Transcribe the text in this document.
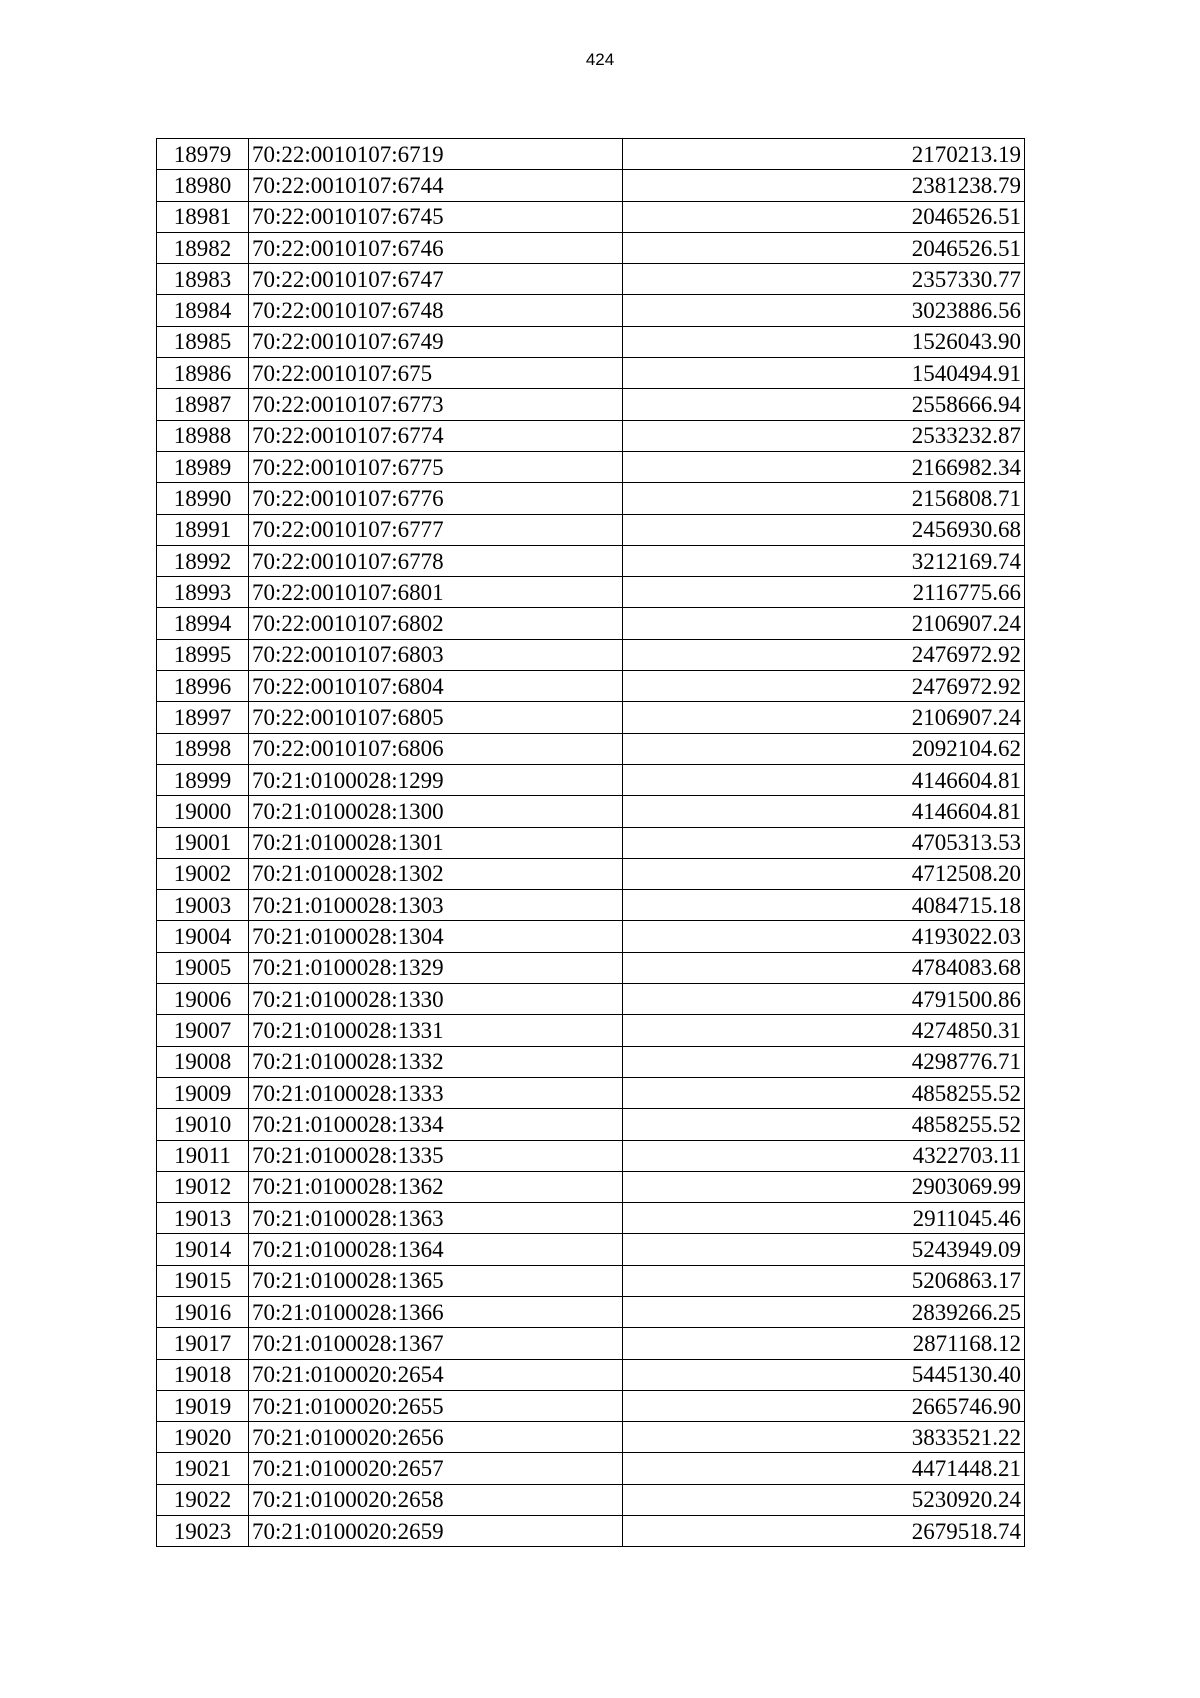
424
18979	70:22:0010107:6719	2170213.19
18980	70:22:0010107:6744	2381238.79
18981	70:22:0010107:6745	2046526.51
18982	70:22:0010107:6746	2046526.51
18983	70:22:0010107:6747	2357330.77
18984	70:22:0010107:6748	3023886.56
18985	70:22:0010107:6749	1526043.90
18986	70:22:0010107:675	1540494.91
18987	70:22:0010107:6773	2558666.94
18988	70:22:0010107:6774	2533232.87
18989	70:22:0010107:6775	2166982.34
18990	70:22:0010107:6776	2156808.71
18991	70:22:0010107:6777	2456930.68
18992	70:22:0010107:6778	3212169.74
18993	70:22:0010107:6801	2116775.66
18994	70:22:0010107:6802	2106907.24
18995	70:22:0010107:6803	2476972.92
18996	70:22:0010107:6804	2476972.92
18997	70:22:0010107:6805	2106907.24
18998	70:22:0010107:6806	2092104.62
18999	70:21:0100028:1299	4146604.81
19000	70:21:0100028:1300	4146604.81
19001	70:21:0100028:1301	4705313.53
19002	70:21:0100028:1302	4712508.20
19003	70:21:0100028:1303	4084715.18
19004	70:21:0100028:1304	4193022.03
19005	70:21:0100028:1329	4784083.68
19006	70:21:0100028:1330	4791500.86
19007	70:21:0100028:1331	4274850.31
19008	70:21:0100028:1332	4298776.71
19009	70:21:0100028:1333	4858255.52
19010	70:21:0100028:1334	4858255.52
19011	70:21:0100028:1335	4322703.11
19012	70:21:0100028:1362	2903069.99
19013	70:21:0100028:1363	2911045.46
19014	70:21:0100028:1364	5243949.09
19015	70:21:0100028:1365	5206863.17
19016	70:21:0100028:1366	2839266.25
19017	70:21:0100028:1367	2871168.12
19018	70:21:0100020:2654	5445130.40
19019	70:21:0100020:2655	2665746.90
19020	70:21:0100020:2656	3833521.22
19021	70:21:0100020:2657	4471448.21
19022	70:21:0100020:2658	5230920.24
19023	70:21:0100020:2659	2679518.74
